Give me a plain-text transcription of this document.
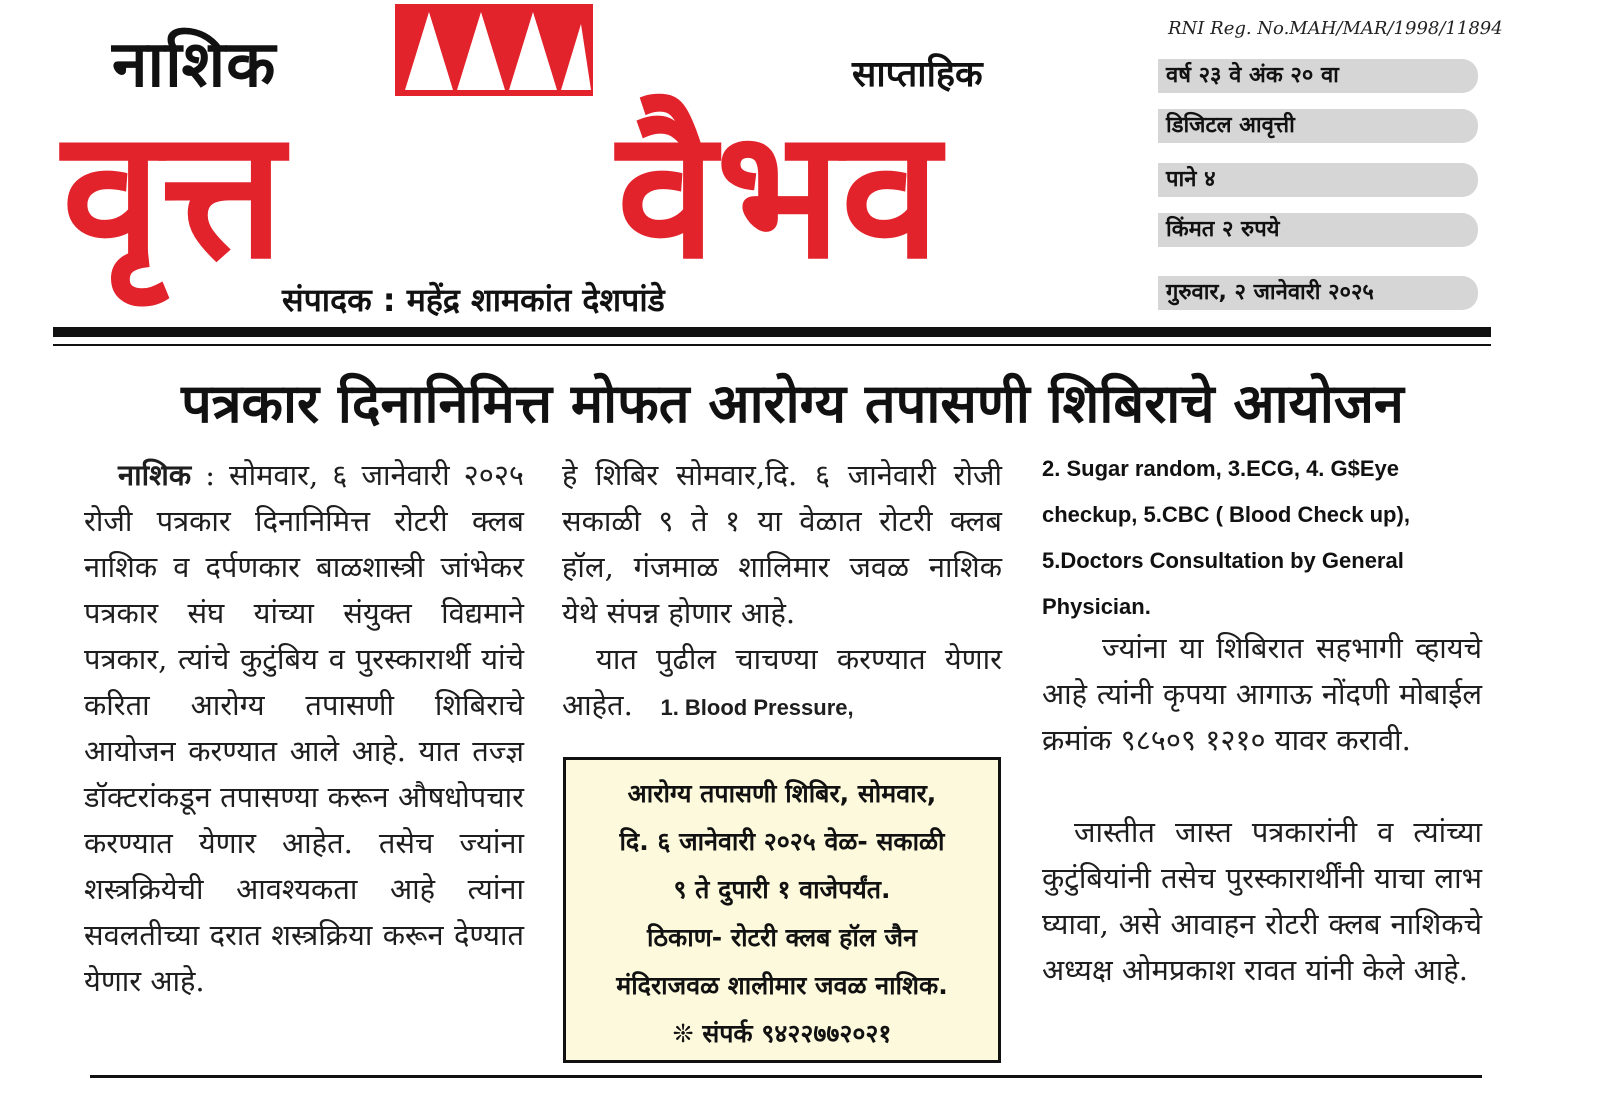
नाशिक	साप्ताहिक
वृत्त वैभव
संपादक : महेंद्र शामकांत देशपांडे
RNI Reg. No.MAH/MAR/1998/11894
वर्ष २३ वे अंक २० वा
डिजिटल आवृत्ती
पाने ४
किंमत २ रुपये
गुरुवार, २ जानेवारी २०२५
पत्रकार दिनानिमित्त मोफत आरोग्य तपासणी शिबिराचे आयोजन
नाशिक : सोमवार, ६ जानेवारी २०२५ रोजी पत्रकार दिनानिमित्त रोटरी क्लब नाशिक व दर्पणकार बाळशास्त्री जांभेकर पत्रकार संघ यांच्या संयुक्त विद्यमाने पत्रकार, त्यांचे कुटुंबिय व पुरस्कारार्थी यांचे करिता आरोग्य तपासणी शिबिराचे आयोजन करण्यात आले आहे. यात तज्ज्ञ डॉक्टरांकडून तपासण्या करून औषधोपचार करण्यात येणार आहेत. तसेच ज्यांना शस्त्रक्रियेची आवश्यकता आहे त्यांना सवलतीच्या दरात शस्त्रक्रिया करून देण्यात येणार आहे.
हे शिबिर सोमवार,दि. ६ जानेवारी रोजी सकाळी ९ ते १ या वेळात रोटरी क्लब हॉल, गंजमाळ शालिमार जवळ नाशिक येथे संपन्न होणार आहे.
यात पुढील चाचण्या करण्यात येणार आहेत. 1. Blood Pressure,
आरोग्य तपासणी शिबिर, सोमवार,
दि. ६ जानेवारी २०२५ वेळ- सकाळी
९ ते दुपारी १ वाजेपर्यंत.
ठिकाण- रोटरी क्लब हॉल जैन
मंदिराजवळ शालीमार जवळ नाशिक.
❊ संपर्क ९४२२७७२०२१
2. Sugar random, 3.ECG, 4. G$Eye checkup, 5.CBC ( Blood Check up), 5.Doctors Consultation by General Physician.
ज्यांना या शिबिरात सहभागी व्हायचे आहे त्यांनी कृपया आगाऊ नोंदणी मोबाईल क्रमांक ९८५०९ १२१० यावर करावी.
जास्तीत जास्त पत्रकारांनी व त्यांच्या कुटुंबियांनी तसेच पुरस्कारार्थींनी याचा लाभ घ्यावा, असे आवाहन रोटरी क्लब नाशिकचे अध्यक्ष ओमप्रकाश रावत यांनी केले आहे.
